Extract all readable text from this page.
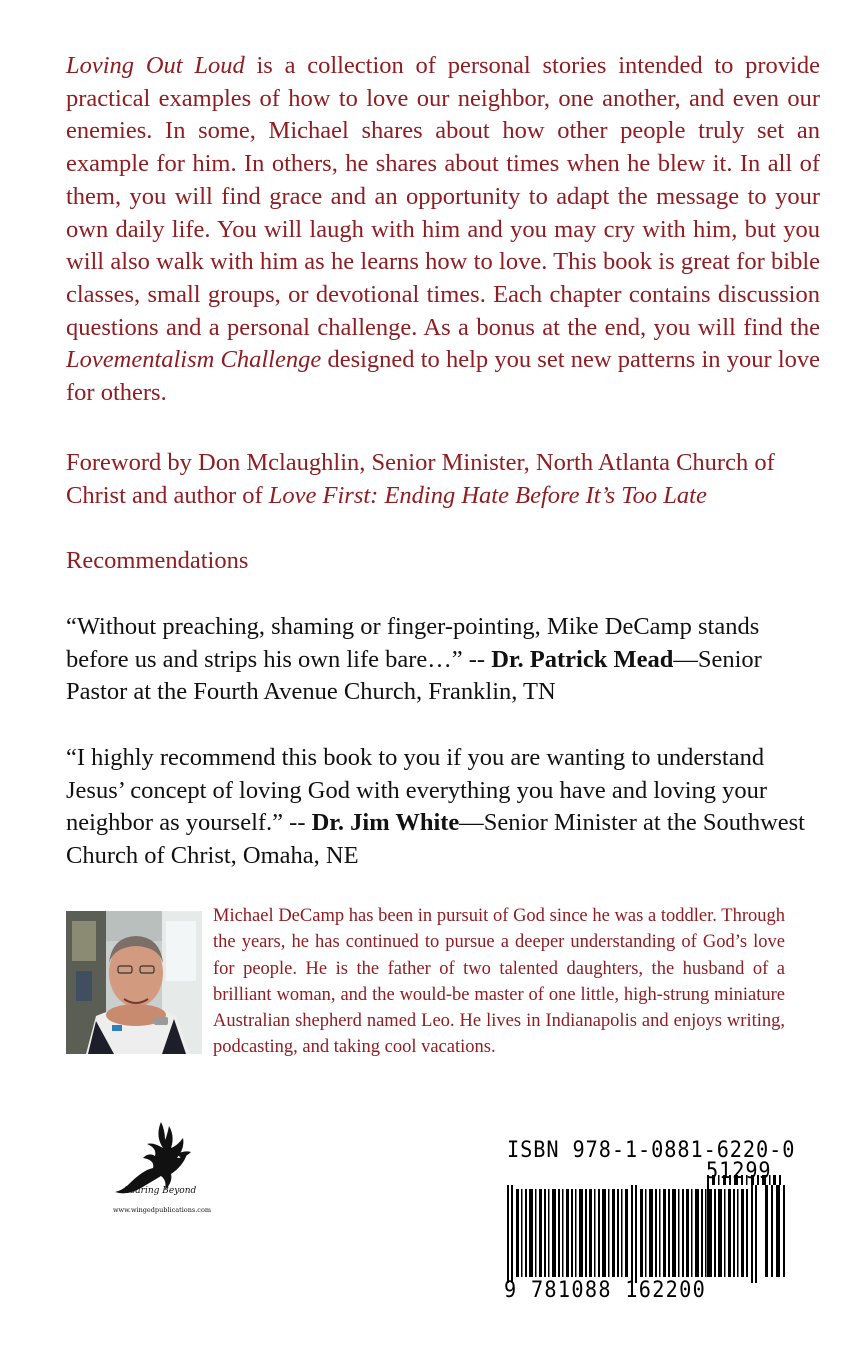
Loving Out Loud is a collection of personal stories intended to provide practical examples of how to love our neighbor, one another, and even our enemies. In some, Michael shares about how other people truly set an example for him. In others, he shares about times when he blew it. In all of them, you will find grace and an opportunity to adapt the message to your own daily life. You will laugh with him and you may cry with him, but you will also walk with him as he learns how to love. This book is great for bible classes, small groups, or devotional times. Each chapter contains discussion questions and a personal challenge. As a bonus at the end, you will find the Lovementalism Challenge designed to help you set new patterns in your love for others.

Foreword by Don Mclaughlin, Senior Minister, North Atlanta Church of Christ and author of Love First: Ending Hate Before It’s Too Late

Recommendations

“Without preaching, shaming or finger-pointing, Mike DeCamp stands before us and strips his own life bare…” -- Dr. Patrick Mead—Senior Pastor at the Fourth Avenue Church, Franklin, TN

“I highly recommend this book to you if you are wanting to understand Jesus’ concept of loving God with everything you have and loving your neighbor as yourself.” -- Dr. Jim White—Senior Minister at the Southwest Church of Christ, Omaha, NE

Michael DeCamp has been in pursuit of God since he was a toddler. Through the years, he has continued to pursue a deeper understanding of God’s love for people. He is the father of two talented daughters, the husband of a brilliant woman, and the would-be master of one little, high-strung miniature Australian shepherd named Leo. He lives in Indianapolis and enjoys writing, podcasting, and taking cool vacations.

Soaring Beyond
www.wingedpublications.com
ISBN 978-1-0881-6220-0
51299
9 781088 162200
